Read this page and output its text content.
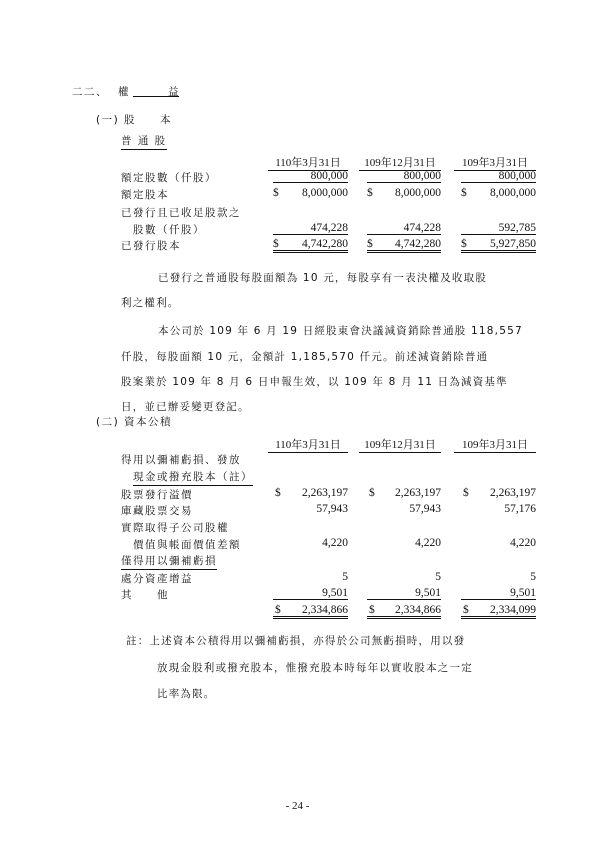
二二、 權	益
(一) 股　　本
普 通 股
110年3月31日	109年12月31日	109年3月31日
額定股數（仟股）	800,000	800,000	800,000
額定股本	$	8,000,000 $	8,000,000 $	8,000,000
已發行且已收足股款之
股數（仟股）	474,228	474,228	592,785
已發行股本	$	4,742,280 $	4,742,280 $	5,927,850
已發行之普通股每股面額為 10 元，每股享有一表決權及收取股
利之權利。
本公司於 109 年 6 月 19 日經股東會決議減資銷除普通股 118,557
仟股，每股面額 10 元，金額計 1,185,570 仟元。前述減資銷除普通
股案業於 109 年 8 月 6 日申報生效，以 109 年 8 月 11 日為減資基準
日，並已辦妥變更登記。
(二) 資本公積
110年3月31日	109年12月31日	109年3月31日
得用以彌補虧損、發放
現金或撥充股本（註）
股票發行溢價	$	2,263,197 $	2,263,197 $	2,263,197
庫藏股票交易	57,943	57,943	57,176
實際取得子公司股權
價值與帳面價值差額	4,220	4,220	4,220
僅得用以彌補虧損
處分資產增益	5	5	5
其　　他	9,501	9,501	9,501
$	2,334,866 $	2,334,866 $	2,334,099
註：上述資本公積得用以彌補虧損，亦得於公司無虧損時，用以發
放現金股利或撥充股本，惟撥充股本時每年以實收股本之一定
比率為限。
- 24 -
